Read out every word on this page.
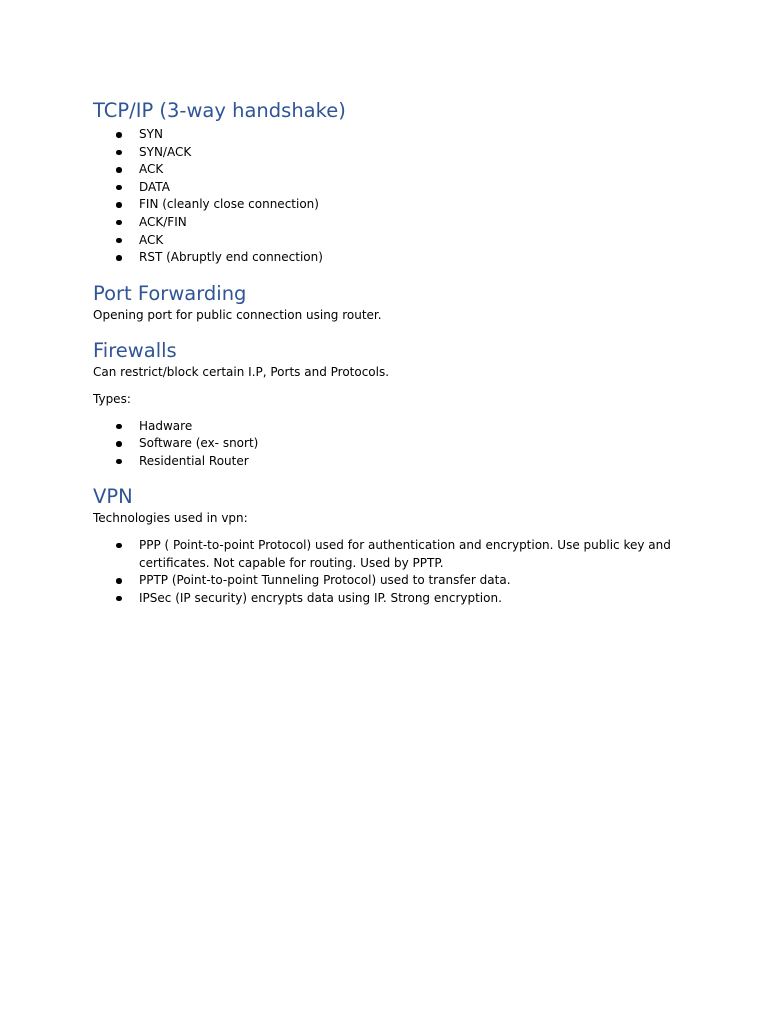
TCP/IP (3-way handshake)
SYN
SYN/ACK
ACK
DATA
FIN (cleanly close connection)
ACK/FIN
ACK
RST (Abruptly end connection)
Port Forwarding

Opening port for public connection using router.

Firewalls

Can restrict/block certain I.P, Ports and Protocols.

Types:

Hadware
Software (ex- snort)
Residential Router
VPN

Technologies used in vpn:

PPP ( Point-to-point Protocol) used for authentication and encryption. Use public key and certificates. Not capable for routing. Used by PPTP.
PPTP (Point-to-point Tunneling Protocol) used to transfer data.
IPSec (IP security) encrypts data using IP. Strong encryption.
